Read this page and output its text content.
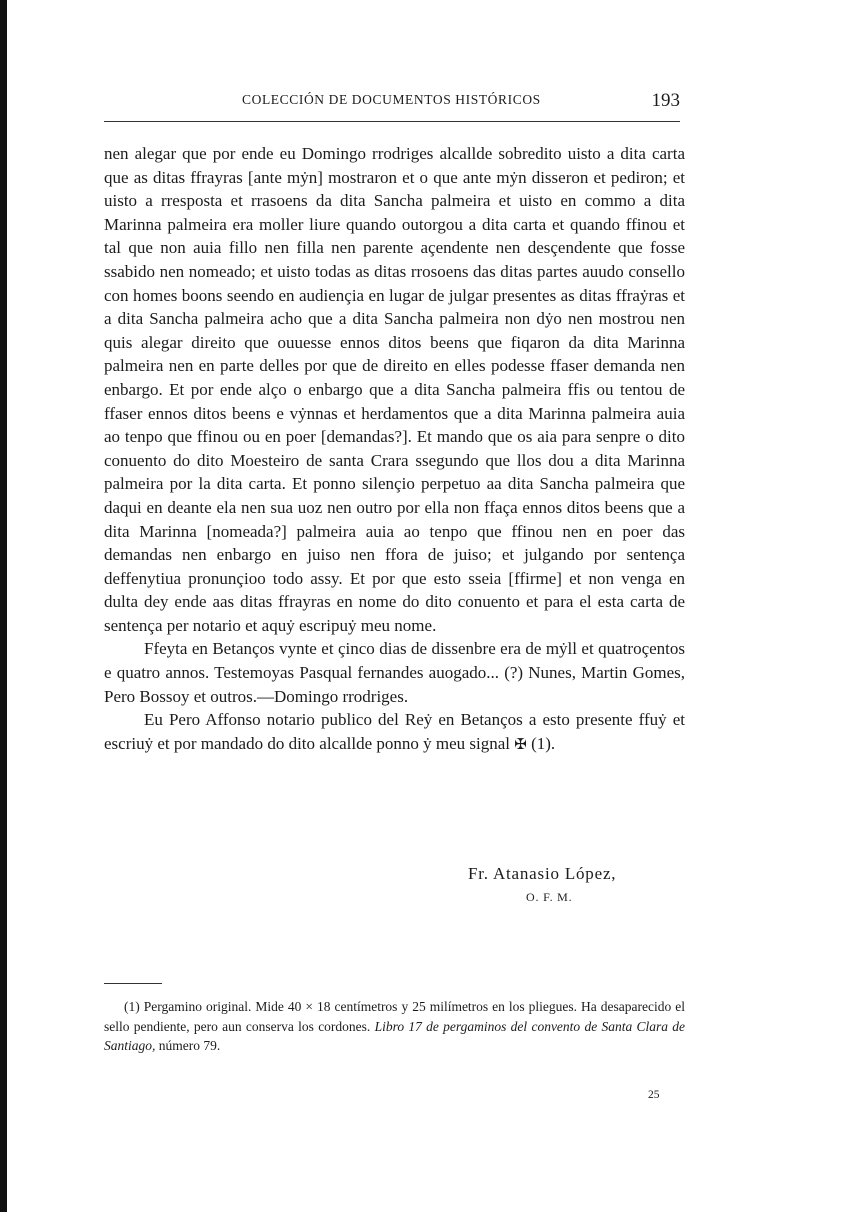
COLECCIÓN DE DOCUMENTOS HISTÓRICOS	193

nen alegar que por ende eu Domingo rrodriges alcallde sobredito uisto a dita carta que as ditas ffrayras [ante mẏn] mostraron et o que ante mẏn disseron et pediron; et uisto a rresposta et rrasoens da dita Sancha palmeira et uisto en commo a dita Marinna palmeira era moller liure quando outorgou a dita carta et quando ffinou et tal que non auia fillo nen filla nen parente açendente nen desçendente que fosse ssabido nen nomeado; et uisto todas as ditas rrosoens das ditas partes auudo consello con homes boons seendo en audiençia en lugar de julgar presentes as ditas ffraẏras et a dita Sancha palmeira acho que a dita Sancha palmeira non dẏo nen mostrou nen quis alegar direito que ouuesse ennos ditos beens que fiqaron da dita Marinna palmeira nen en parte delles por que de direito en elles podesse ffaser demanda nen enbargo. Et por ende alço o enbargo que a dita Sancha palmeira ffis ou tentou de ffaser ennos ditos beens e vẏnnas et herdamentos que a dita Marinna palmeira auia ao tenpo que ffinou ou en poer [demandas?]. Et mando que os aia para senpre o dito conuento do dito Moesteiro de santa Crara ssegundo que llos dou a dita Marinna palmeira por la dita carta. Et ponno silençio perpetuo aa dita Sancha palmeira que daqui en deante ela nen sua uoz nen outro por ella non ffaça ennos ditos beens que a dita Marinna [nomeada?] palmeira auia ao tenpo que ffinou nen en poer das demandas nen enbargo en juiso nen ffora de juiso; et julgando por sentença deffenytiua pronunçioo todo assy. Et por que esto sseia [ffirme] et non venga en dulta dey ende aas ditas ffrayras en nome do dito conuento et para el esta carta de sentença per notario et aquẏ escripuẏ meu nome.

Ffeyta en Betanços vynte et çinco dias de dissenbre era de mẏll et quatroçentos e quatro annos. Testemoyas Pasqual fernandes auogado... (?) Nunes, Martin Gomes, Pero Bossoy et outros.—Domingo rrodriges.

Eu Pero Affonso notario publico del Reẏ en Betanços a esto presente ffuẏ et escriuẏ et por mandado do dito alcallde ponno ẏ meu signal ✠ (1).

Fr. Atanasio López,
O. F. M.
(1) Pergamino original. Mide 40 × 18 centímetros y 25 milímetros en los pliegues. Ha desaparecido el sello pendiente, pero aun conserva los cordones. Libro 17 de pergaminos del convento de Santa Clara de Santiago, número 79.
25
